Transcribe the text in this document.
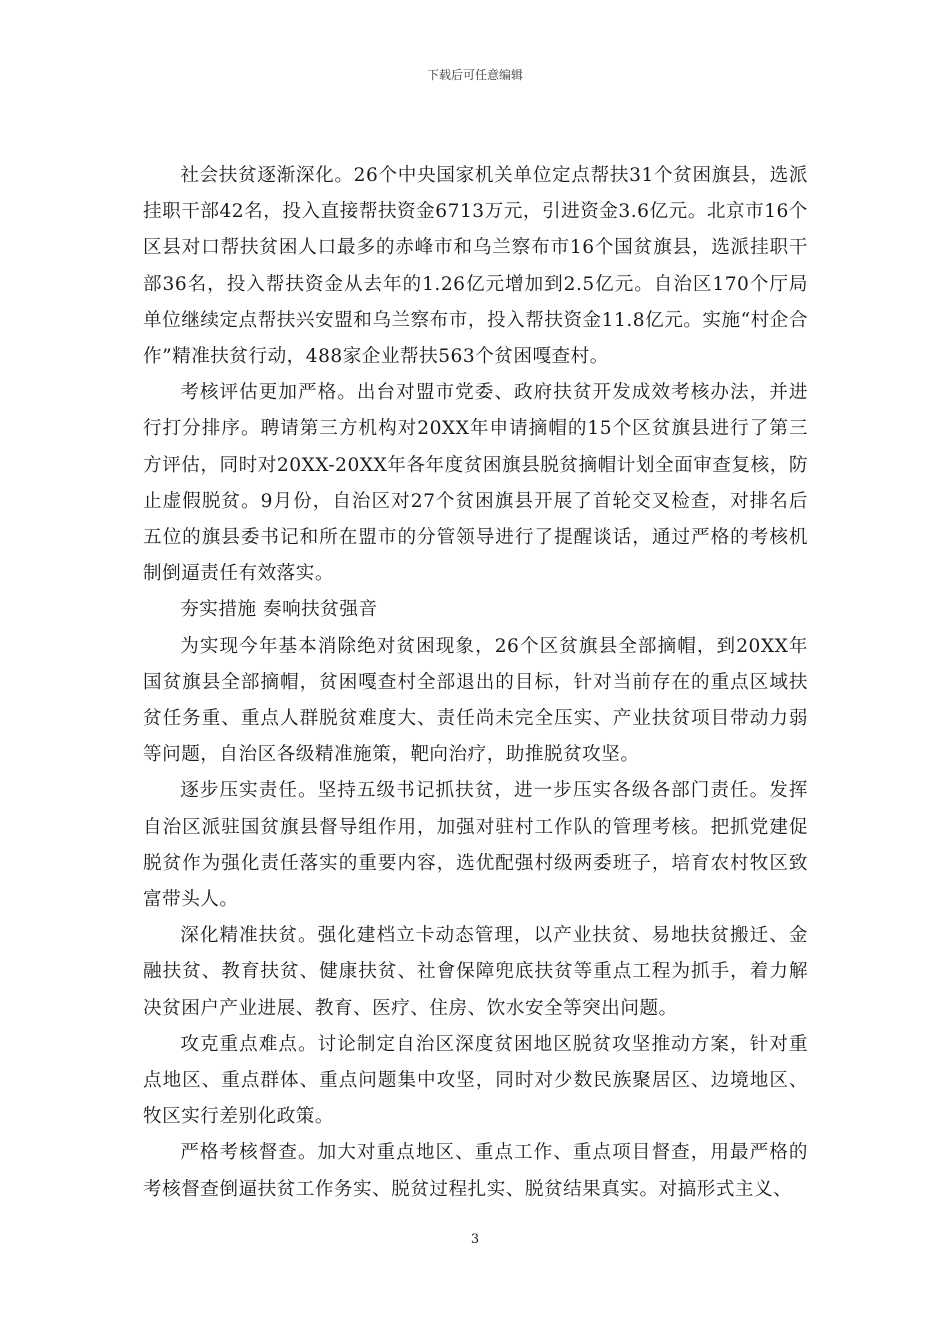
下载后可任意编辑

社会扶贫逐渐深化。26个中央国家机关单位定点帮扶31个贫困旗县，选派挂职干部42名，投入直接帮扶资金6713万元，引进资金3.6亿元。北京市16个区县对口帮扶贫困人口最多的赤峰市和乌兰察布市16个国贫旗县，选派挂职干部36名，投入帮扶资金从去年的1.26亿元增加到2.5亿元。自治区170个厅局单位继续定点帮扶兴安盟和乌兰察布市，投入帮扶资金11.8亿元。实施“村企合作”精准扶贫行动，488家企业帮扶563个贫困嘎查村。

考核评估更加严格。出台对盟市党委、政府扶贫开发成效考核办法，并进行打分排序。聘请第三方机构对20XX年申请摘帽的15个区贫旗县进行了第三方评估，同时对20XX-20XX年各年度贫困旗县脱贫摘帽计划全面审查复核，防止虚假脱贫。9月份，自治区对27个贫困旗县开展了首轮交叉检查，对排名后五位的旗县委书记和所在盟市的分管领导进行了提醒谈话，通过严格的考核机制倒逼责任有效落实。

夯实措施 奏响扶贫强音

为实现今年基本消除绝对贫困现象，26个区贫旗县全部摘帽，到20XX年国贫旗县全部摘帽，贫困嘎查村全部退出的目标，针对当前存在的重点区域扶贫任务重、重点人群脱贫难度大、责任尚未完全压实、产业扶贫项目带动力弱等问题，自治区各级精准施策，靶向治疗，助推脱贫攻坚。

逐步压实责任。坚持五级书记抓扶贫，进一步压实各级各部门责任。发挥自治区派驻国贫旗县督导组作用，加强对驻村工作队的管理考核。把抓党建促脱贫作为强化责任落实的重要内容，选优配强村级两委班子，培育农村牧区致富带头人。

深化精准扶贫。强化建档立卡动态管理，以产业扶贫、易地扶贫搬迁、金融扶贫、教育扶贫、健康扶贫、社會保障兜底扶贫等重点工程为抓手，着力解决贫困户产业进展、教育、医疗、住房、饮水安全等突出问题。

攻克重点难点。讨论制定自治区深度贫困地区脱贫攻坚推动方案，针对重点地区、重点群体、重点问题集中攻坚，同时对少数民族聚居区、边境地区、牧区实行差别化政策。

严格考核督查。加大对重点地区、重点工作、重点项目督查，用最严格的考核督查倒逼扶贫工作务实、脱贫过程扎实、脱贫结果真实。对搞形式主义、

3
